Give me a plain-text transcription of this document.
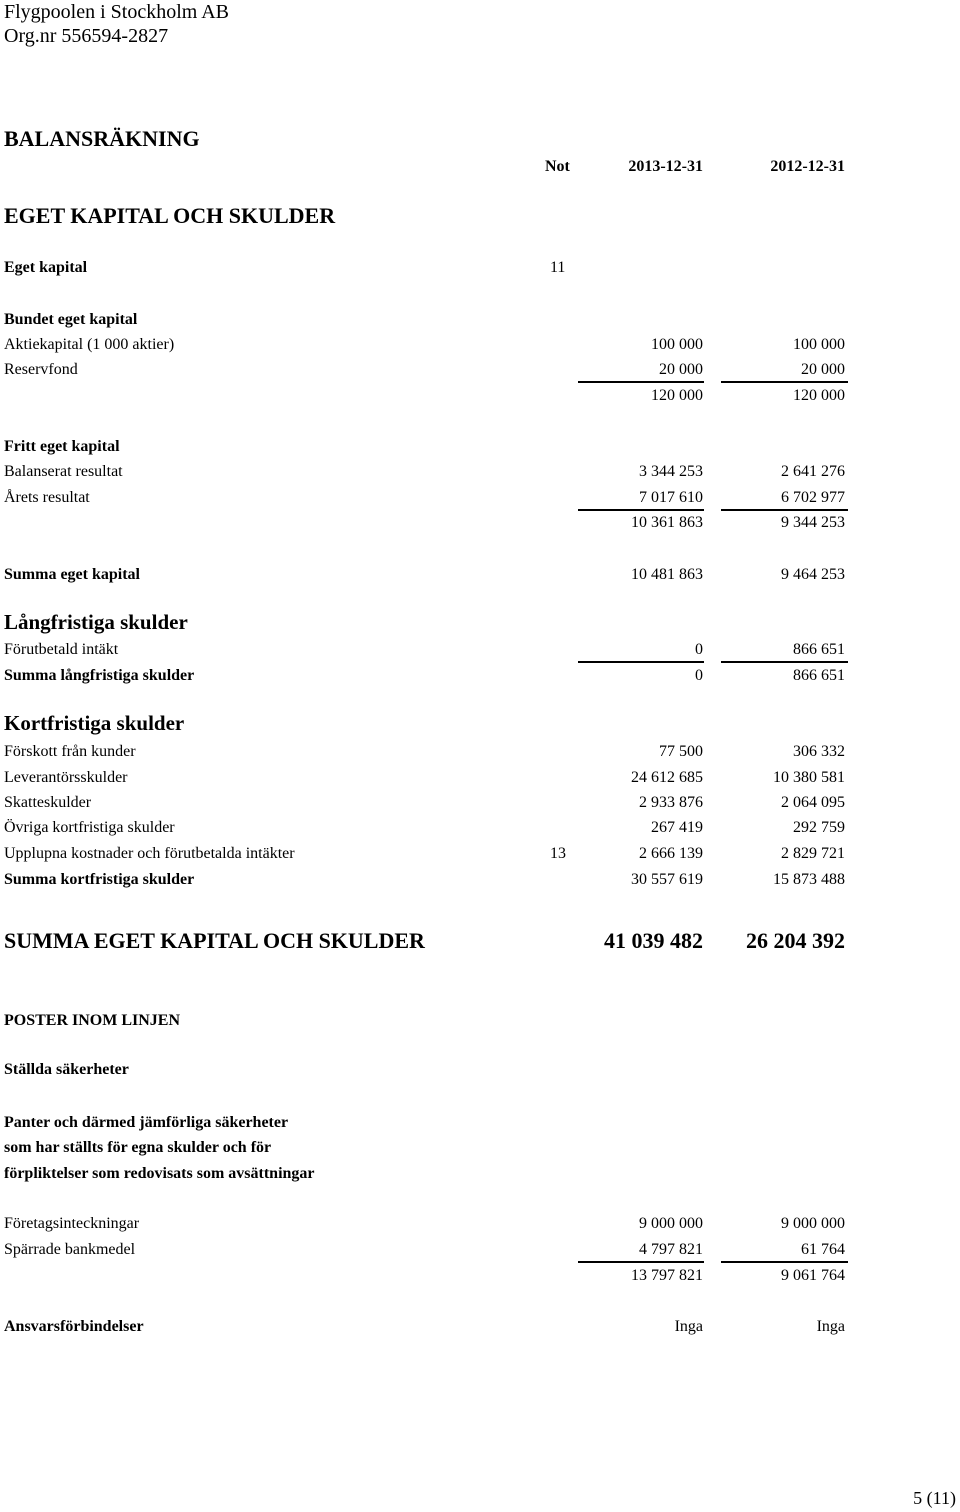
Flygpoolen i Stockholm AB
Org.nr 556594-2827
BALANSRÄKNING
Not	2013-12-31	2012-12-31
EGET KAPITAL OCH SKULDER
Eget kapital	11
Bundet eget kapital
Aktiekapital (1 000 aktier)	100 000	100 000
Reservfond	20 000	20 000
120 000	120 000
Fritt eget kapital
Balanserat resultat	3 344 253	2 641 276
Årets resultat	7 017 610	6 702 977
10 361 863	9 344 253
Summa eget kapital	10 481 863	9 464 253
Långfristiga skulder
Förutbetald intäkt	0	866 651
Summa långfristiga skulder	0	866 651
Kortfristiga skulder
Förskott från kunder	77 500	306 332
Leverantörsskulder	24 612 685	10 380 581
Skatteskulder	2 933 876	2 064 095
Övriga kortfristiga skulder	267 419	292 759
Upplupna kostnader och förutbetalda intäkter	13	2 666 139	2 829 721
Summa kortfristiga skulder	30 557 619	15 873 488
SUMMA EGET KAPITAL OCH SKULDER	41 039 482	26 204 392
POSTER INOM LINJEN
Ställda säkerheter
Panter och därmed jämförliga säkerheter
som har ställts för egna skulder och för
förpliktelser som redovisats som avsättningar
Företagsinteckningar	9 000 000	9 000 000
Spärrade bankmedel	4 797 821	61 764
13 797 821	9 061 764
Ansvarsförbindelser	Inga	Inga
5 (11)
